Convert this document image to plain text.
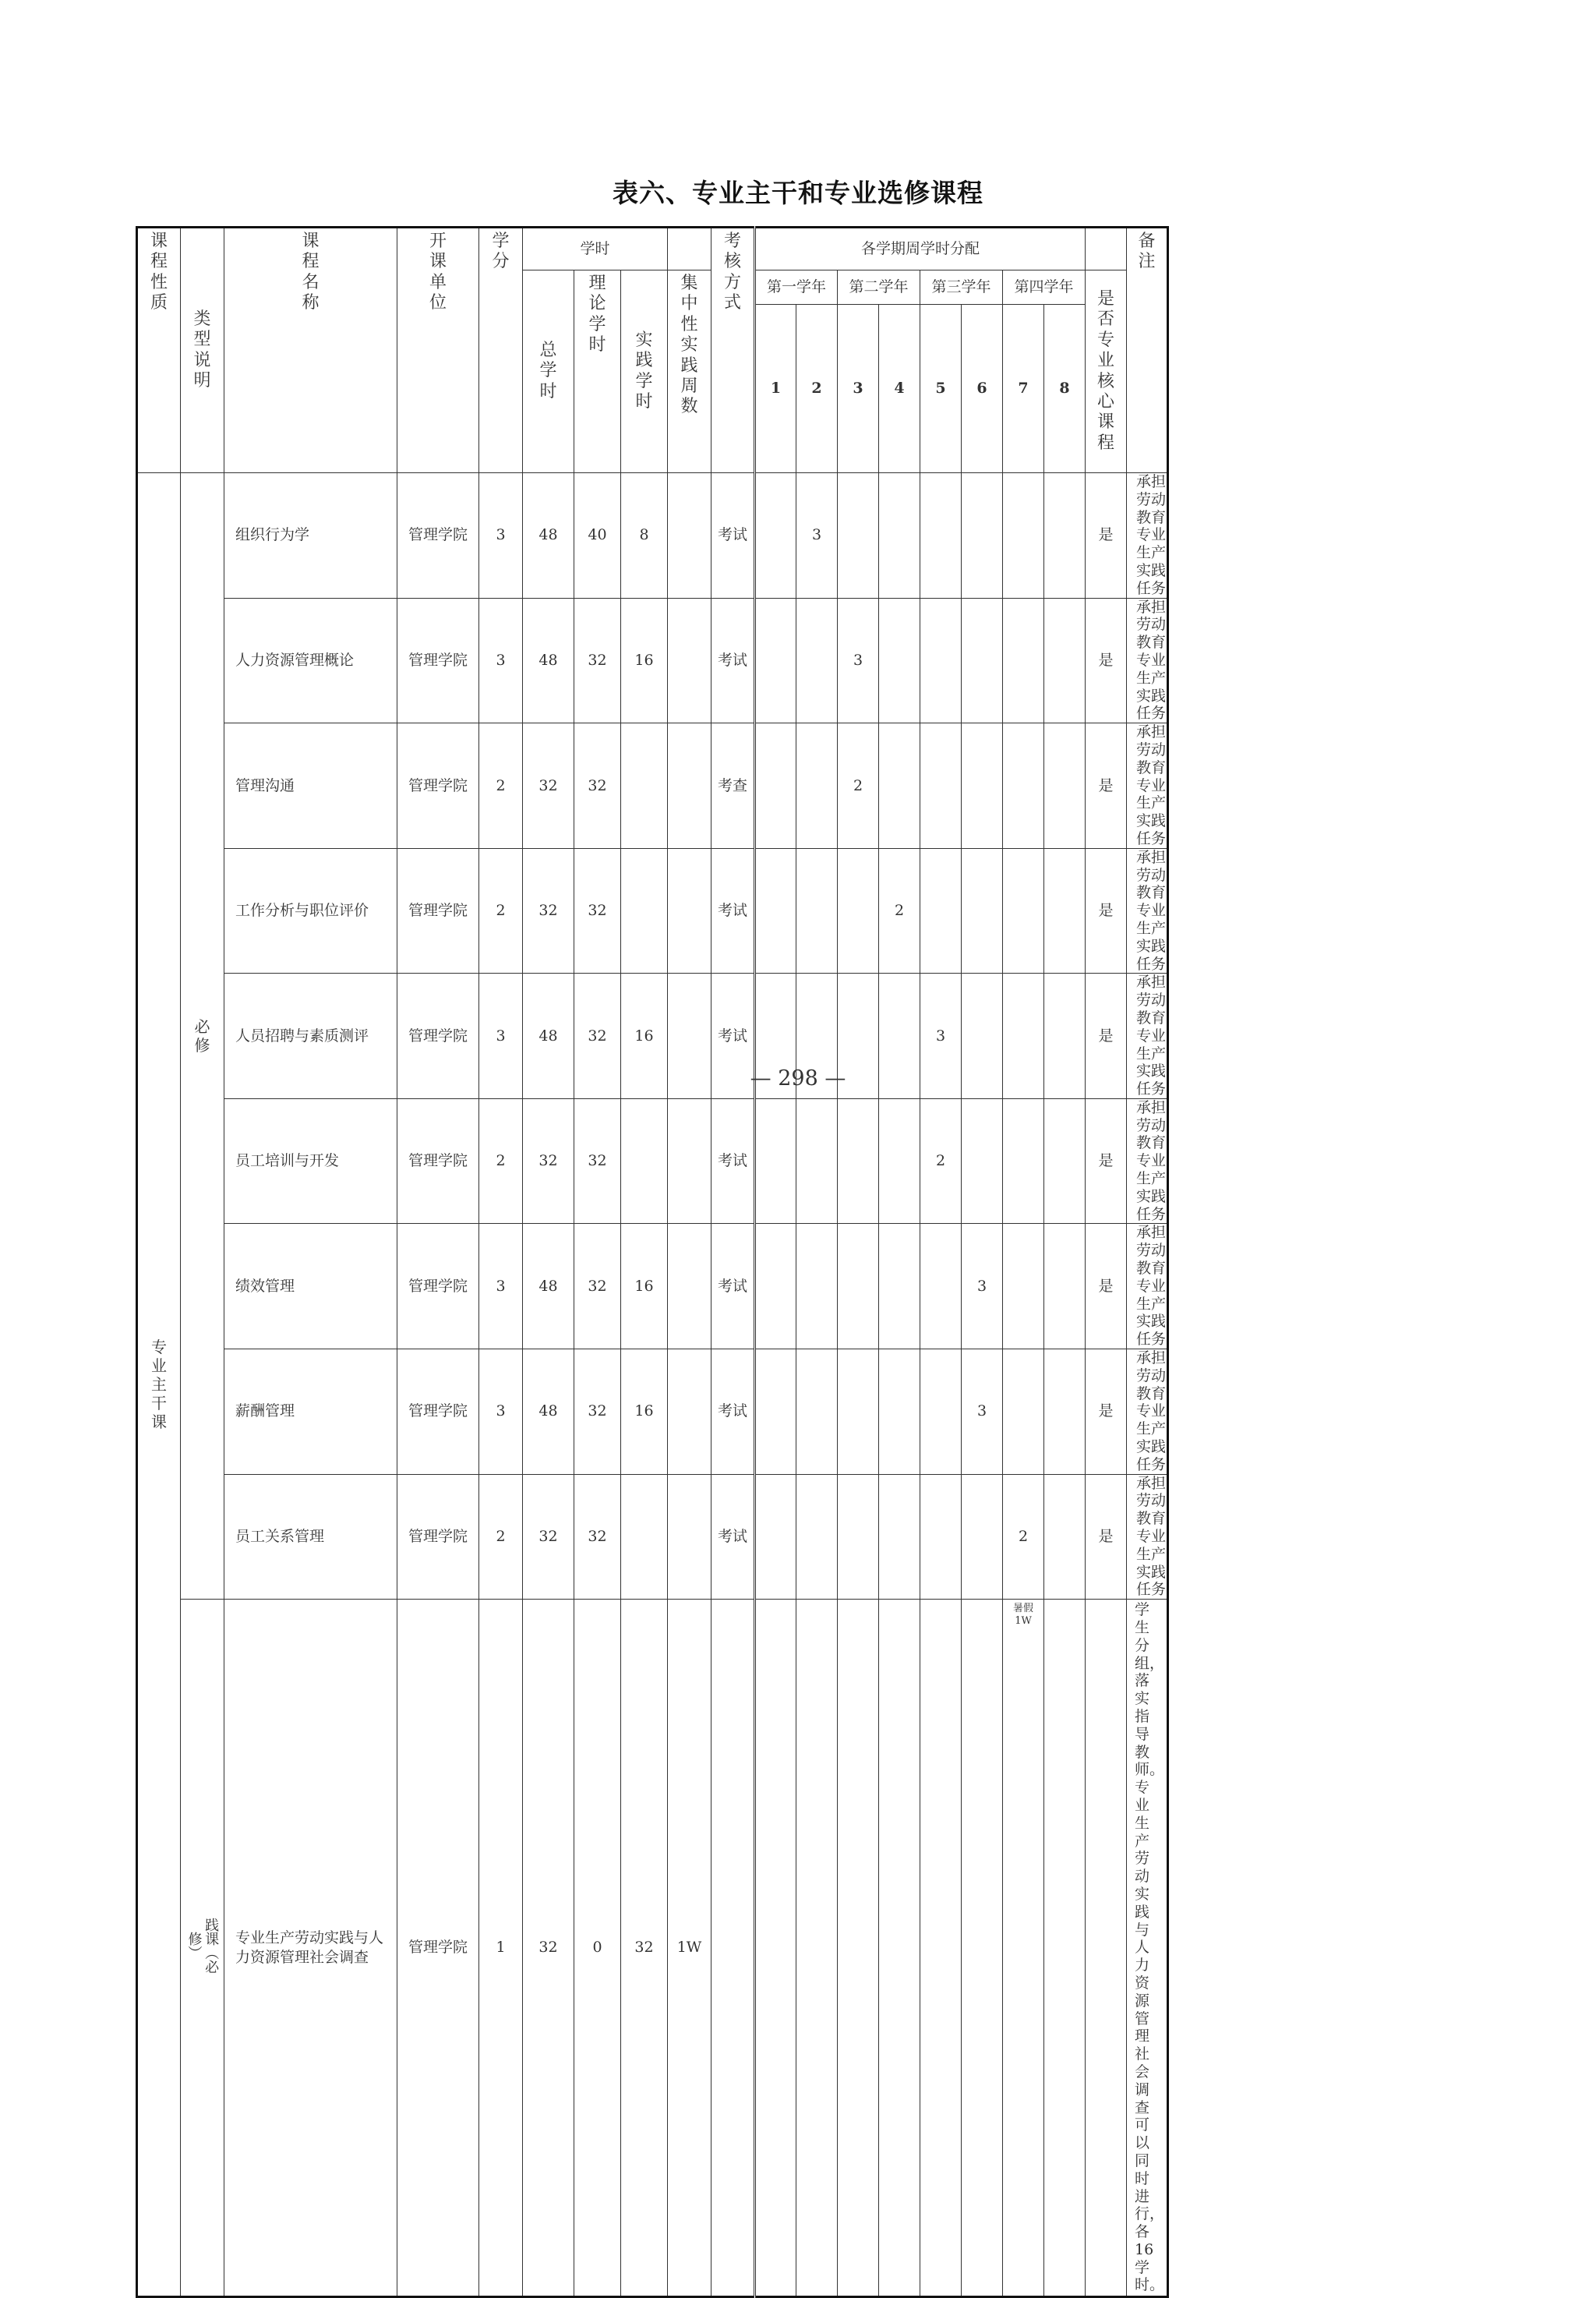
表六、专业主干和专业选修课程
课程性质	类型说明	课程名称	开课单位	学分	学时				考核方式	各学期周学时分配									备注
					总学时	理论学时	实践学时	集中性实践周数		第一学年		第二学年		第三学年		第四学年		是否专业核心课程	
										1	2	3	4	5	6	7	8		
专业主干课	必修	组织行为学	管理学院	3	48	40	8		考试		3							是	承担劳动教育专业生产实践任务
		人力资源管理概论	管理学院	3	48	32	16		考试			3						是	承担劳动教育专业生产实践任务
		管理沟通	管理学院	2	32	32			考查			2						是	承担劳动教育专业生产实践任务
		工作分析与职位评价	管理学院	2	32	32			考试				2					是	承担劳动教育专业生产实践任务
		人员招聘与素质测评	管理学院	3	48	32	16		考试					3				是	承担劳动教育专业生产实践任务
		员工培训与开发	管理学院	2	32	32			考试					2				是	承担劳动教育专业生产实践任务
		绩效管理	管理学院	3	48	32	16		考试						3			是	承担劳动教育专业生产实践任务
		薪酬管理	管理学院	3	48	32	16		考试						3			是	承担劳动教育专业生产实践任务
		员工关系管理	管理学院	2	32	32			考试							2		是	承担劳动教育专业生产实践任务
	践课（必修）	专业生产劳动实践与人力资源管理社会调查	管理学院	1	32	0	32	1W								暑假1W			学生分组，落实指导教师。专业生产劳动实践与人力资源管理社会调查可以同时进行，各16学时。
— 298 —
